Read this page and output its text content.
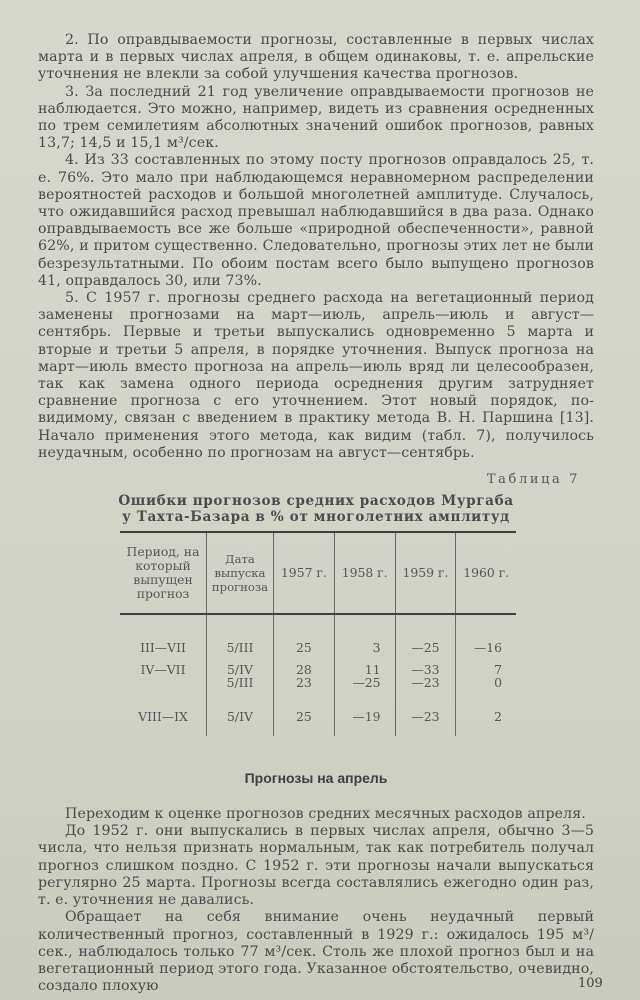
2. По оправдываемости прогнозы, составленные в первых числах марта и в первых числах апреля, в общем одинаковы, т. е. апрельские уточнения не влекли за собой улучшения качества прогнозов.

3. За последний 21 год увеличение оправдываемости прогнозов не наблюдается. Это можно, например, видеть из сравнения осредненных по трем семилетиям абсолютных значений ошибок прогнозов, равных 13,7; 14,5 и 15,1 м³/сек.

4. Из 33 составленных по этому посту прогнозов оправдалось 25, т. е. 76%. Это мало при наблюдающемся неравномерном распределении вероятностей расходов и большой многолетней амплитуде. Случалось, что ожидавшийся расход превышал наблюдавшийся в два раза. Однако оправдываемость все же больше «природной обеспеченности», равной 62%, и притом существенно. Следовательно, прогнозы этих лет не были безрезультатными. По обоим постам всего было выпущено прогнозов 41, оправдалось 30, или 73%.

5. С 1957 г. прогнозы среднего расхода на вегетационный период заменены прогнозами на март—июль, апрель—июль и август—сентябрь. Первые и третьи выпускались одновременно 5 марта и вторые и третьи 5 апреля, в порядке уточнения. Выпуск прогноза на март—июль вместо прогноза на апрель—июль вряд ли целесообразен, так как замена одного периода осреднения другим затрудняет сравнение прогноза с его уточнением. Этот новый порядок, по-видимому, связан с введением в практику метода В. Н. Паршина [13]. Начало применения этого метода, как видим (табл. 7), получилось неудачным, особенно по прогнозам на август—сентябрь.

Таблица 7
Ошибки прогнозов средних расходов Мургаба
у Тахта-Базара в % от многолетних амплитуд
Период, на который выпущен прогноз	Дата выпуска прогноза	1957 г.	1958 г.	1959 г.	1960 г.

III—VII	5/III	25	3	—25	—16
IV—VII	5/IV	28	11	—33	7
	5/III	23	—25	—23	0
VIII—IX	5/IV	25	—19	—23	2
Прогнозы на апрель

Переходим к оценке прогнозов средних месячных расходов апреля.

До 1952 г. они выпускались в первых числах апреля, обычно 3—5 числа, что нельзя признать нормальным, так как потребитель получал прогноз слишком поздно. С 1952 г. эти прогнозы начали выпускаться регулярно 25 марта. Прогнозы всегда составлялись ежегодно один раз, т. е. уточнения не давались.

Обращает на себя внимание очень неудачный первый количественный прогноз, составленный в 1929 г.: ожидалось 195 м³/сек., наблюдалось только 77 м³/сек. Столь же плохой прогноз был и на вегетационный период этого года. Указанное обстоятельство, очевидно, создало плохую	109
